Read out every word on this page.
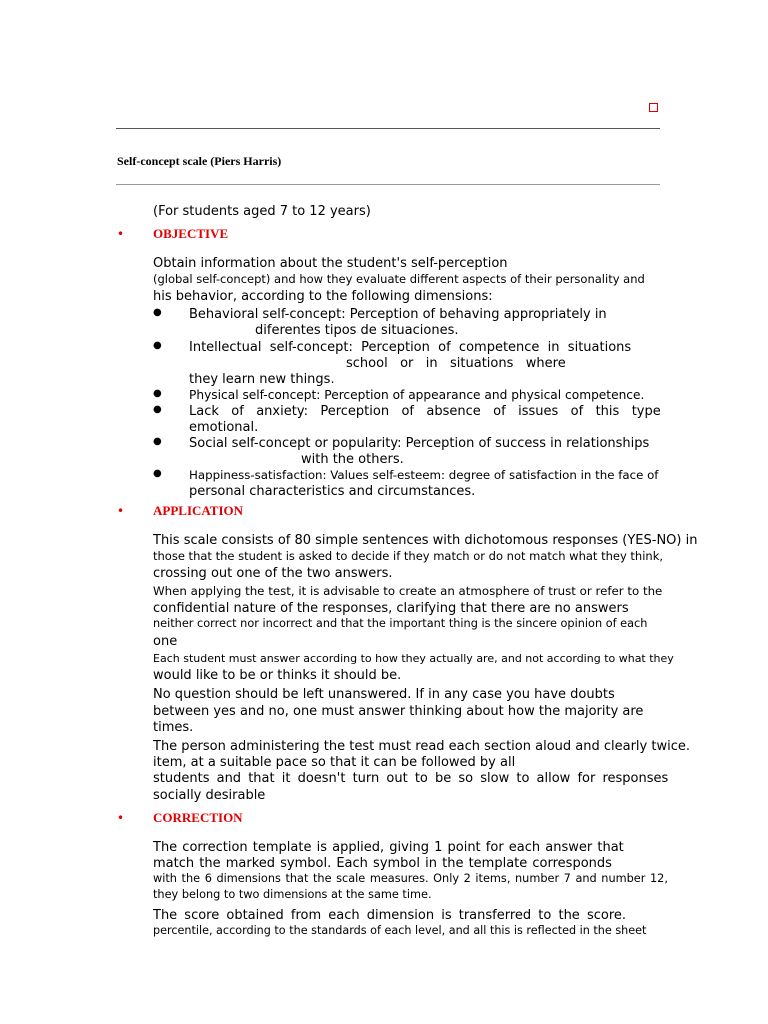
Self-concept scale (Piers Harris)
(For students aged 7 to 12 years)
• OBJECTIVE
Obtain information about the student's self-perception
(global self-concept) and how they evaluate different aspects of their personality and
his behavior, according to the following dimensions:
● Behavioral self-concept: Perception of behaving appropriately in
diferentes tipos de situaciones.
● Intellectual  self-concept:  Perception  of  competence  in  situations
school   or   in   situations   where
they learn new things.
● Physical self-concept: Perception of appearance and physical competence.
● Lack   of   anxiety:   Perception   of   absence   of   issues   of   this   type
emotional.
● Social self-concept or popularity: Perception of success in relationships
with the others.
● Happiness-satisfaction: Values self-esteem: degree of satisfaction in the face of
personal characteristics and circumstances.
• APPLICATION
This scale consists of 80 simple sentences with dichotomous responses (YES-NO) in
those that the student is asked to decide if they match or do not match what they think,
crossing out one of the two answers.
When applying the test, it is advisable to create an atmosphere of trust or refer to the
confidential nature of the responses, clarifying that there are no answers
neither correct nor incorrect and that the important thing is the sincere opinion of each
one
Each student must answer according to how they actually are, and not according to what they
would like to be or thinks it should be.
No question should be left unanswered. If in any case you have doubts
between yes and no, one must answer thinking about how the majority are
times.
The person administering the test must read each section aloud and clearly twice.
item, at a suitable pace so that it can be followed by all
students and that it doesn't turn out to be so slow to allow for responses
socially desirable
• CORRECTION
The correction template is applied, giving 1 point for each answer that
match the marked symbol. Each symbol in the template corresponds
with the 6 dimensions that the scale measures. Only 2 items, number 7 and number 12,
they belong to two dimensions at the same time.
The score obtained from each dimension is transferred to the score.
percentile, according to the standards of each level, and all this is reflected in the sheet
